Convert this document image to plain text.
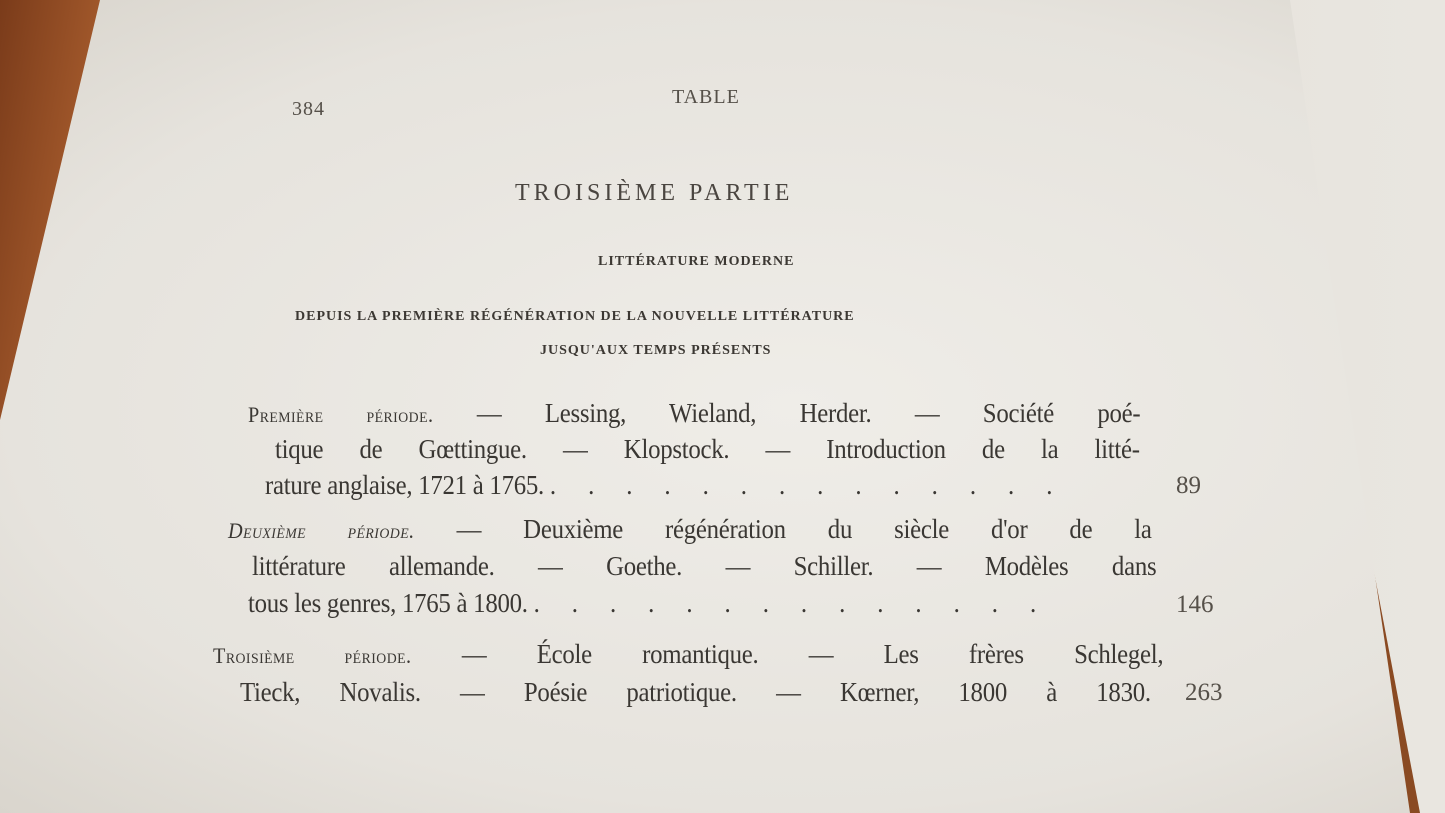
384
TABLE
TROISIÈME PARTIE
LITTÉRATURE MODERNE
DEPUIS LA PREMIÈRE RÉGÉNÉRATION DE LA NOUVELLE LITTÉRATURE
JUSQU'AUX TEMPS PRÉSENTS
Première période. — Lessing, Wieland, Herder. — Société poé-
tique de Gœttingue. — Klopstock. — Introduction de la litté-
rature anglaise, 1721 à 1765. . . . . . . . . . . . . . .	89
Deuxième période. — Deuxième régénération du siècle d'or de la
littérature allemande. — Goethe. — Schiller. — Modèles dans
tous les genres, 1765 à 1800. . . . . . . . . . . . . . .	146
Troisième période. — École romantique. — Les frères Schlegel,
Tieck, Novalis. — Poésie patriotique. — Kœrner, 1800 à 1830. 263
